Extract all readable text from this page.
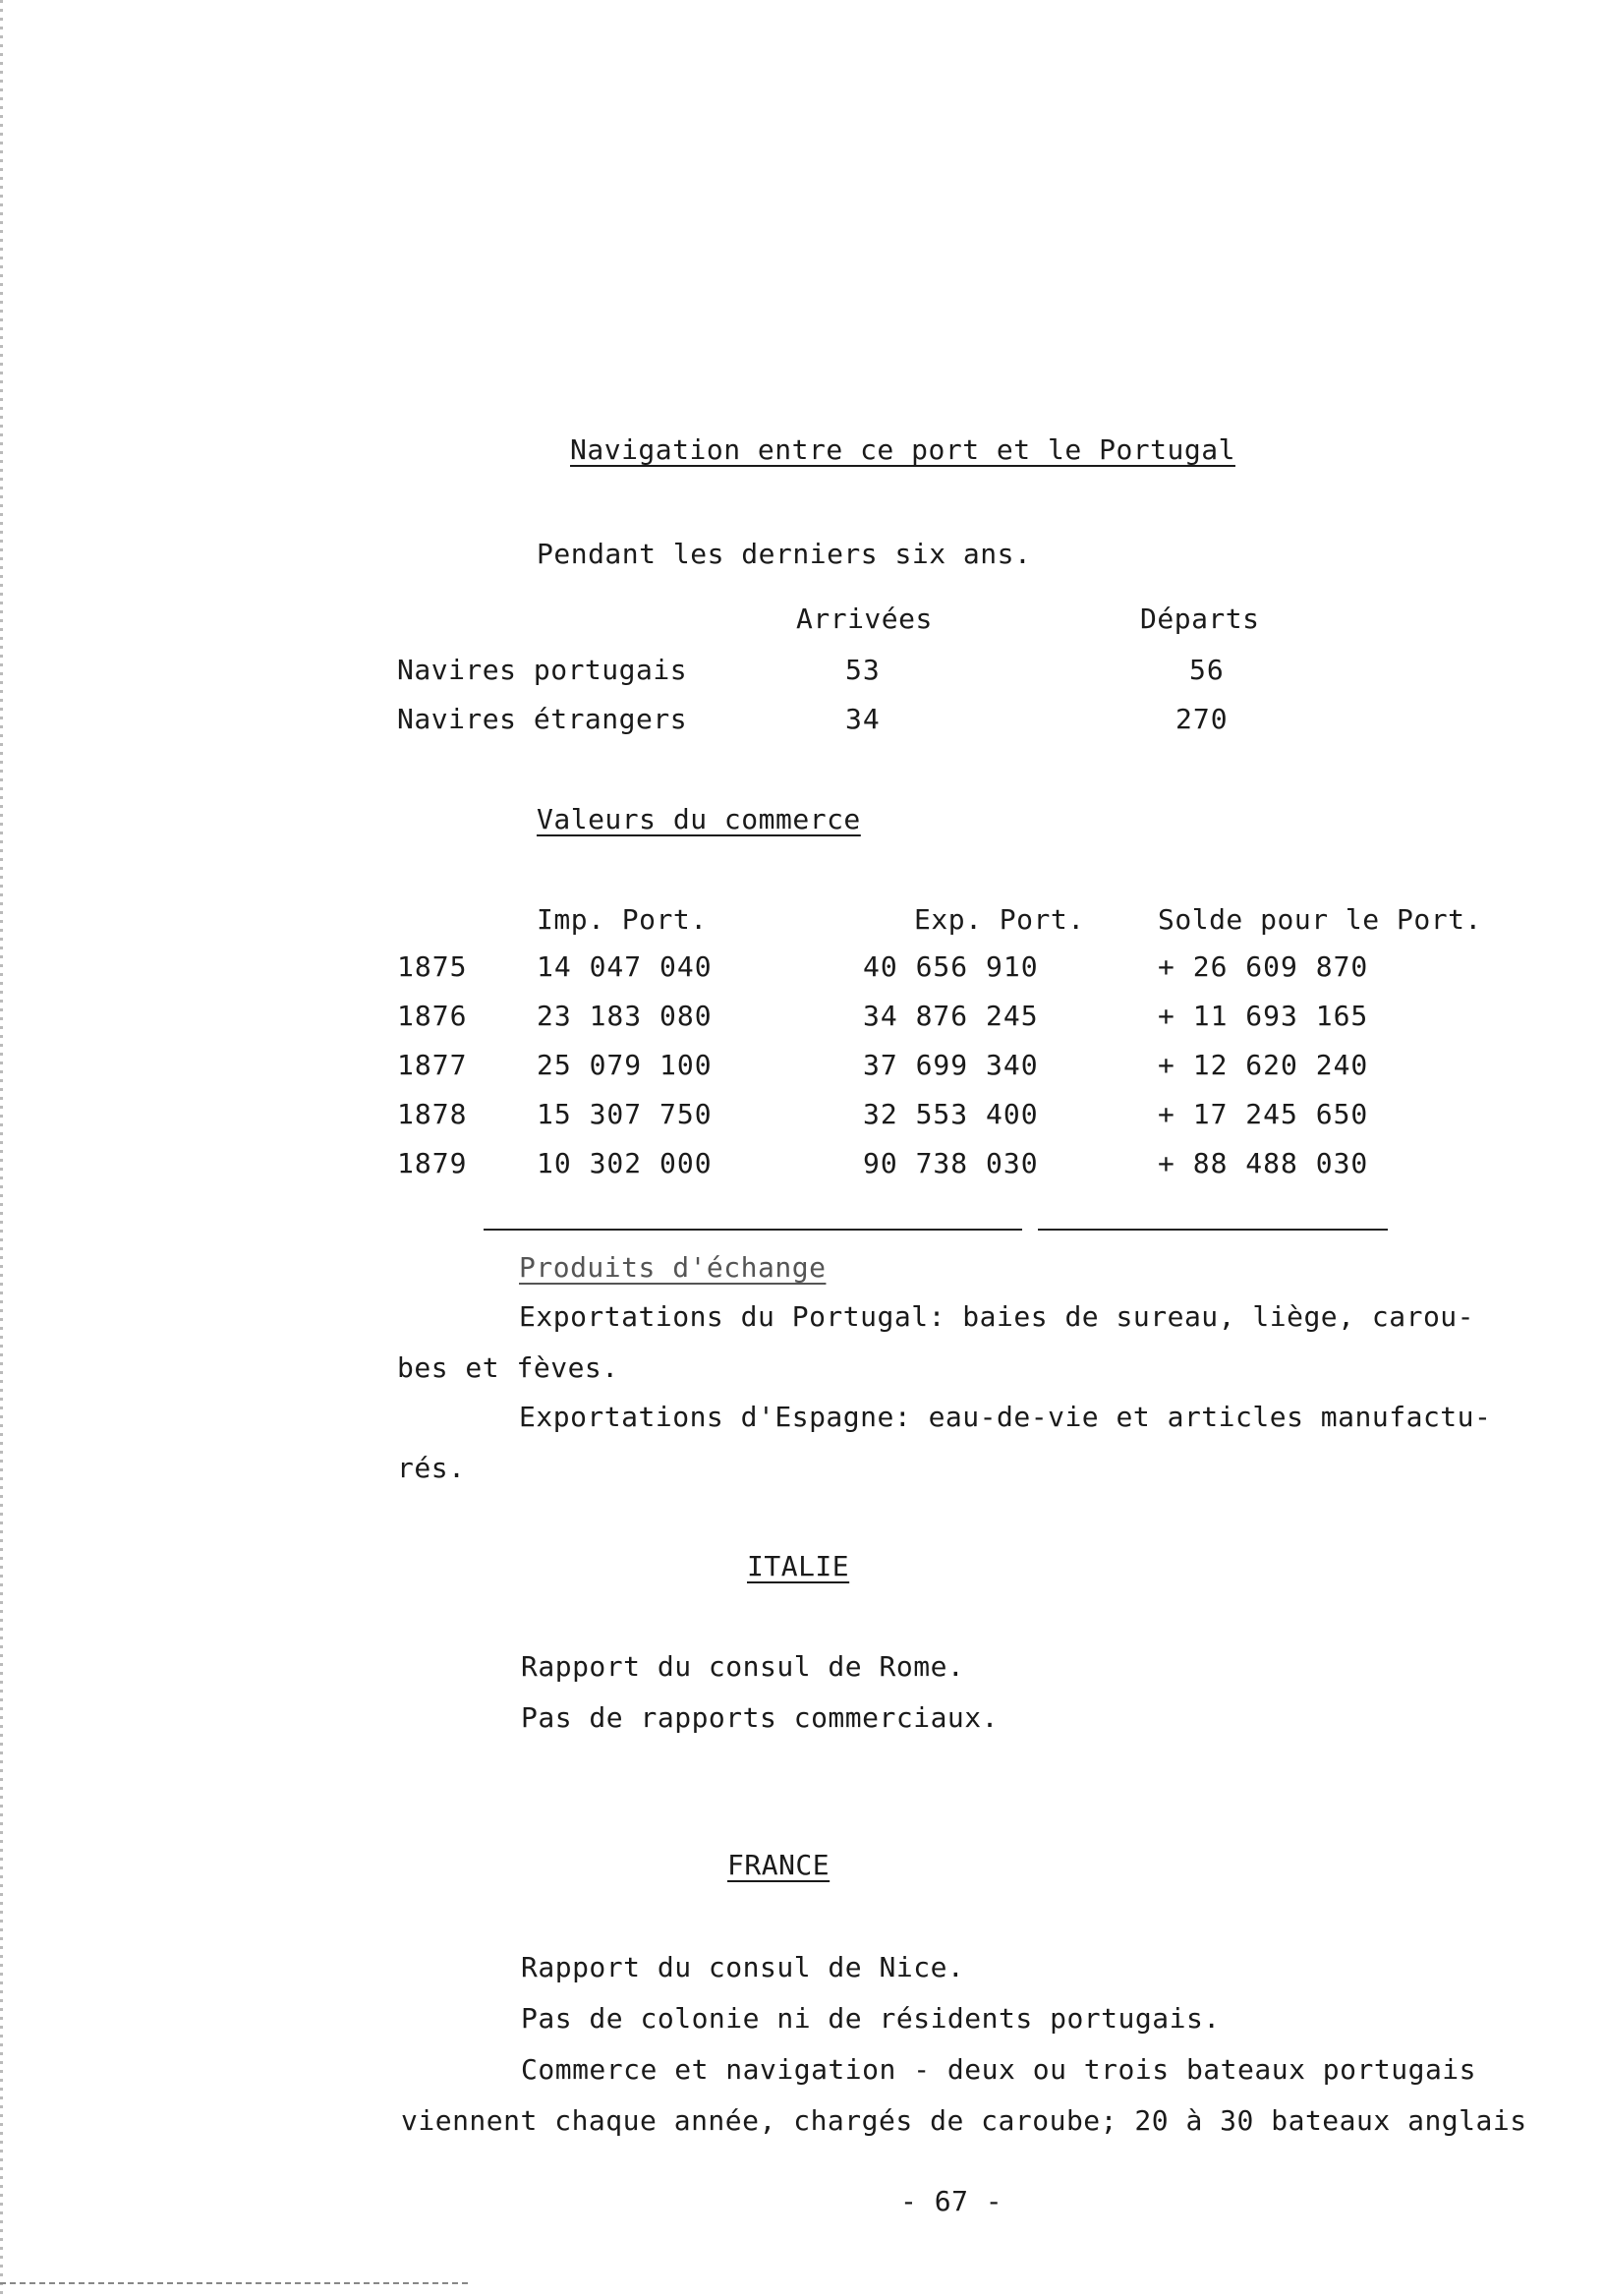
Navigation entre ce port et le Portugal
Pendant les derniers six ans.
Arrivées	Départs
Navires portugais	53	56
Navires étrangers	34	270
Valeurs du commerce
Imp. Port.	Exp. Port.	Solde pour le Port.
1875	14 047 040	40 656 910	+ 26 609 870
1876	23 183 080	34 876 245	+ 11 693 165
1877	25 079 100	37 699 340	+ 12 620 240
1878	15 307 750	32 553 400	+ 17 245 650
1879	10 302 000	90 738 030	+ 88 488 030
Produits d'échange
Exportations du Portugal: baies de sureau, liège, carou-
bes et fèves.
Exportations d'Espagne: eau-de-vie et articles manufactu-
rés.
ITALIE
Rapport du consul de Rome.
Pas de rapports commerciaux.
FRANCE
Rapport du consul de Nice.
Pas de colonie ni de résidents portugais.
Commerce et navigation - deux ou trois bateaux portugais
viennent chaque année, chargés de caroube; 20 à 30 bateaux anglais
- 67 -
